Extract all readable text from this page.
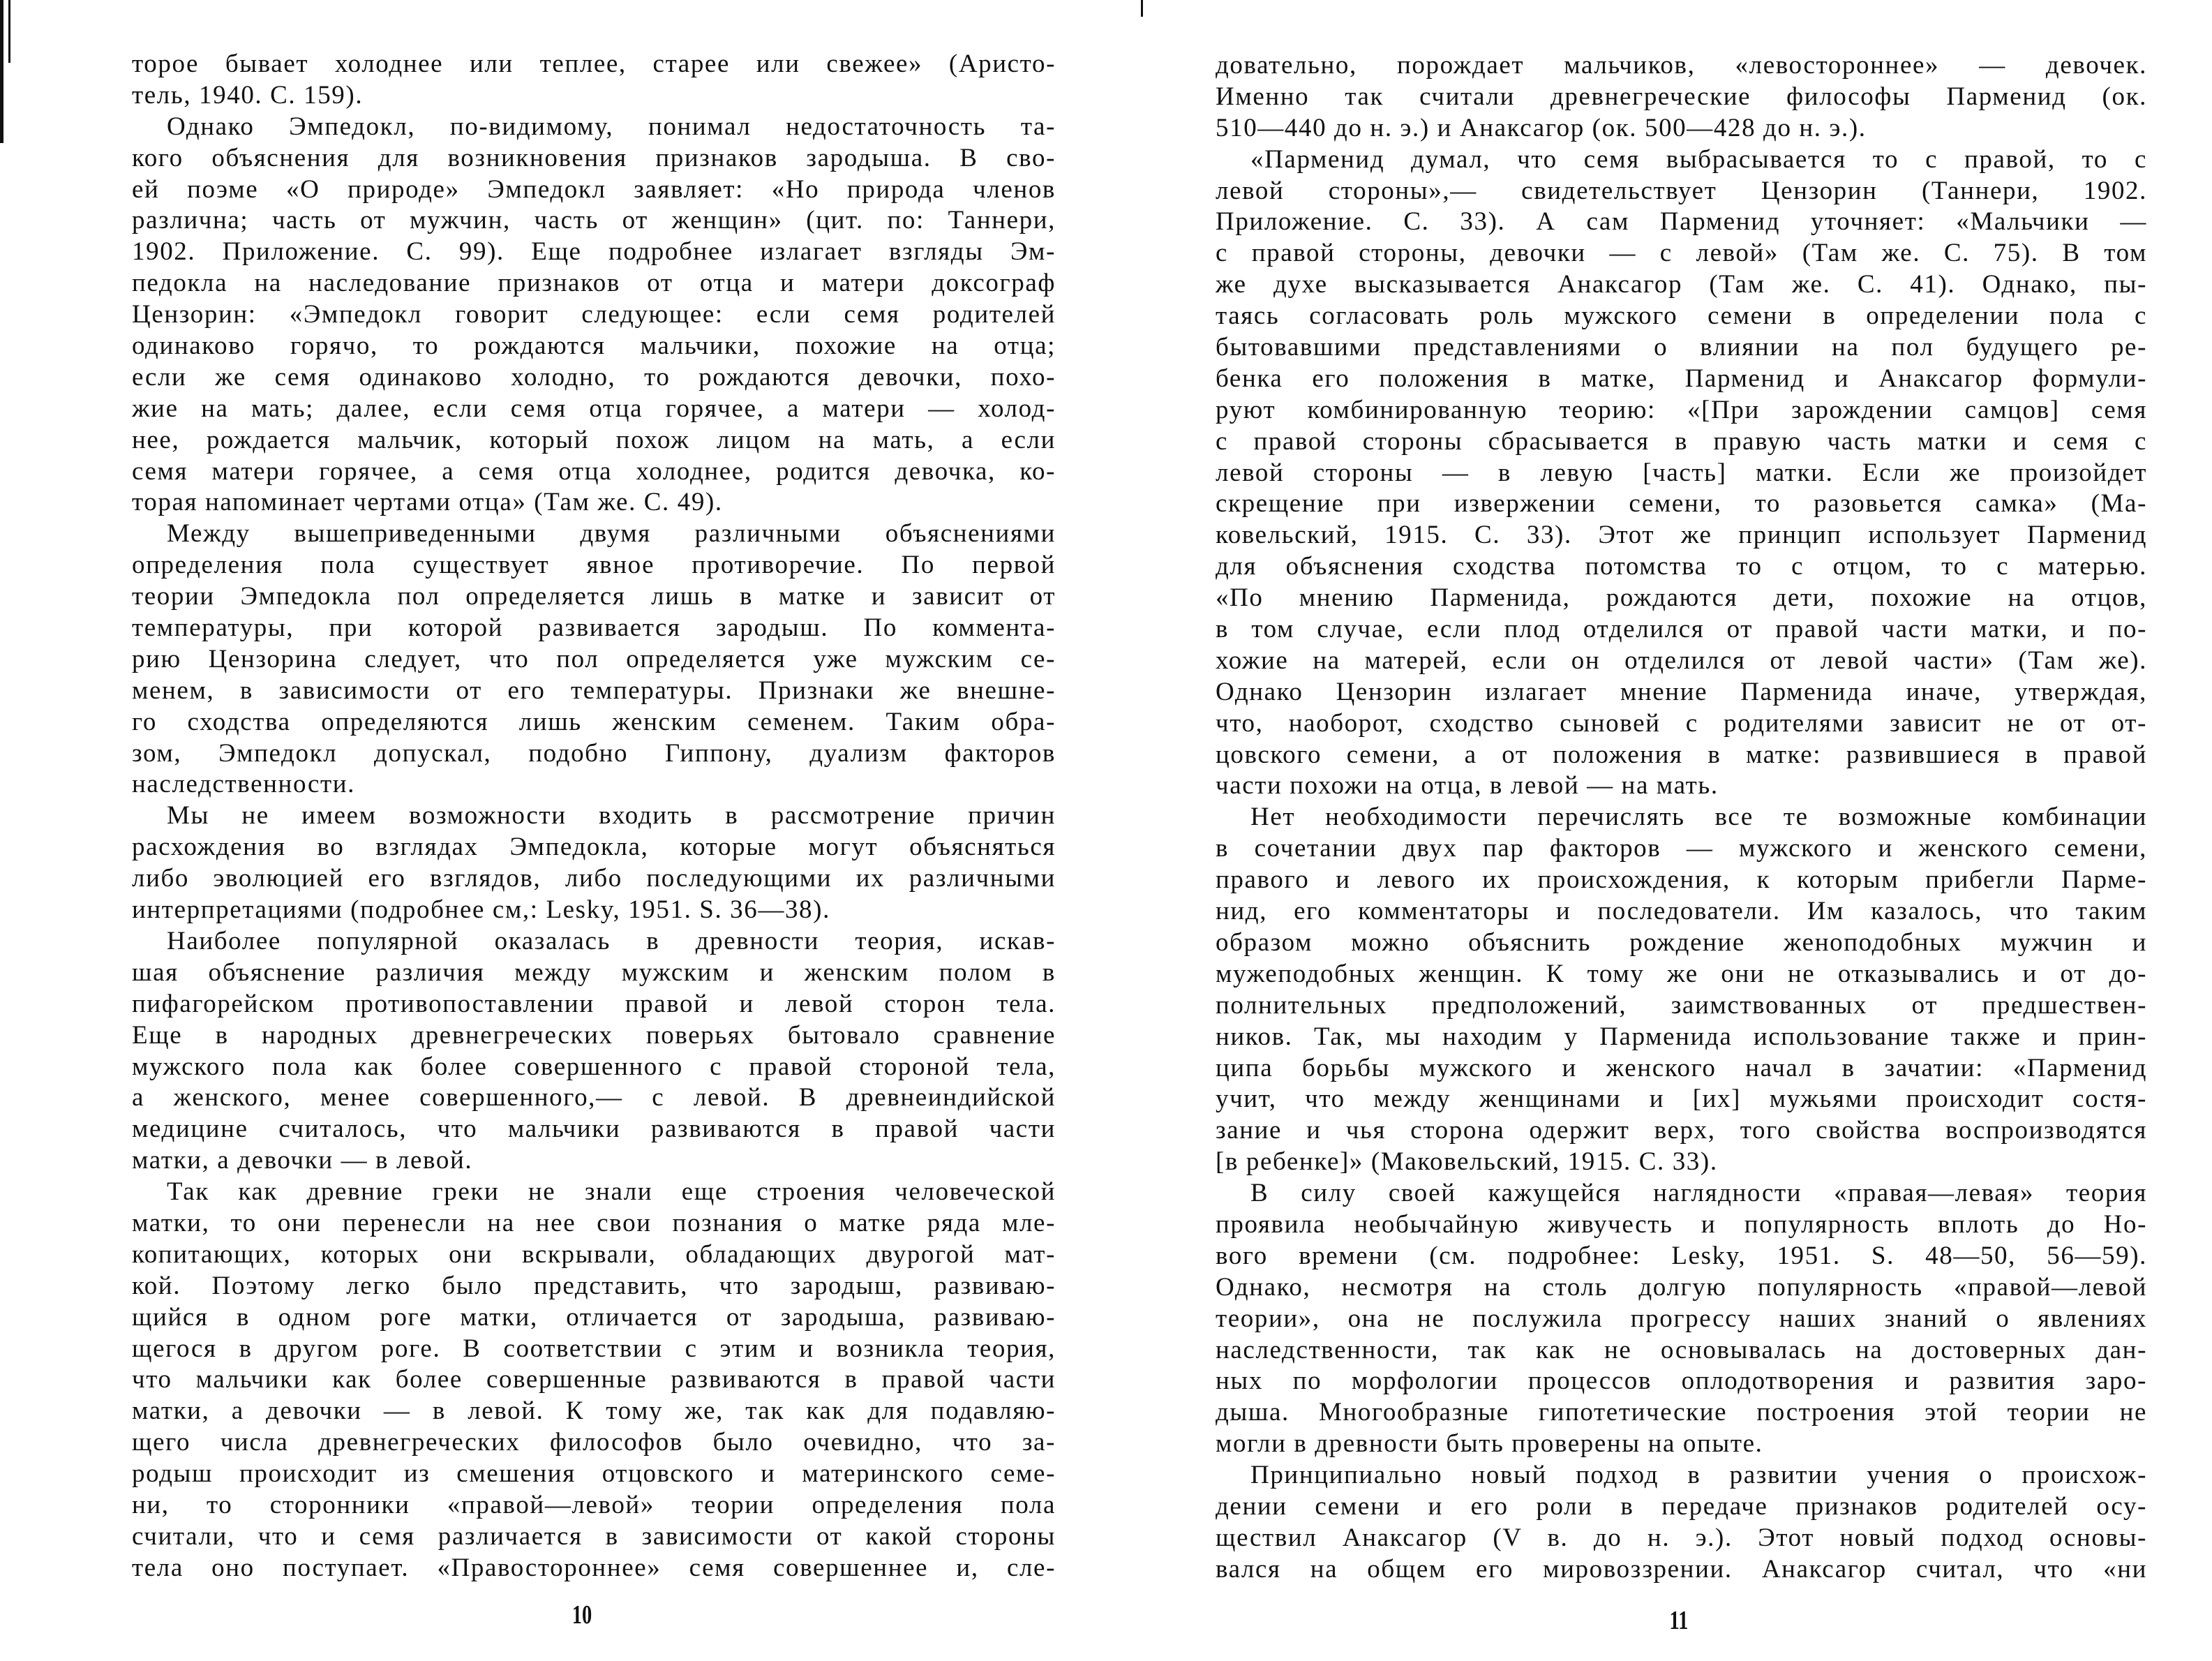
торое бывает холоднее или теплее, старее или свежее» (Аристо-
тель, 1940. С. 159).
Однако Эмпедокл, по-видимому, понимал недостаточность та-
кого объяснения для возникновения признаков зародыша. В сво-
ей поэме «О природе» Эмпедокл заявляет: «Но природа членов
различна; часть от мужчин, часть от женщин» (цит. по: Таннери,
1902. Приложение. С. 99). Еще подробнее излагает взгляды Эм-
педокла на наследование признаков от отца и матери доксограф
Цензорин: «Эмпедокл говорит следующее: если семя родителей
одинаково горячо, то рождаются мальчики, похожие на отца;
если же семя одинаково холодно, то рождаются девочки, похо-
жие на мать; далее, если семя отца горячее, а матери — холод-
нее, рождается мальчик, который похож лицом на мать, а если
семя матери горячее, а семя отца холоднее, родится девочка, ко-
торая напоминает чертами отца» (Там же. С. 49).
Между вышеприведенными двумя различными объяснениями
определения пола существует явное противоречие. По первой
теории Эмпедокла пол определяется лишь в матке и зависит от
температуры, при которой развивается зародыш. По коммента-
рию Цензорина следует, что пол определяется уже мужским се-
менем, в зависимости от его температуры. Признаки же внешне-
го сходства определяются лишь женским семенем. Таким обра-
зом, Эмпедокл допускал, подобно Гиппону, дуализм факторов
наследственности.
Мы не имеем возможности входить в рассмотрение причин
расхождения во взглядах Эмпедокла, которые могут объясняться
либо эволюцией его взглядов, либо последующими их различными
интерпретациями (подробнее см,: Lesky, 1951. S. 36—38).
Наиболее популярной оказалась в древности теория, искав-
шая объяснение различия между мужским и женским полом в
пифагорейском противопоставлении правой и левой сторон тела.
Еще в народных древнегреческих поверьях бытовало сравнение
мужского пола как более совершенного с правой стороной тела,
а женского, менее совершенного,— с левой. В древнеиндийской
медицине считалось, что мальчики развиваются в правой части
матки, а девочки — в левой.
Так как древние греки не знали еще строения человеческой
матки, то они перенесли на нее свои познания о матке ряда мле-
копитающих, которых они вскрывали, обладающих двурогой мат-
кой. Поэтому легко было представить, что зародыш, развиваю-
щийся в одном роге матки, отличается от зародыша, развиваю-
щегося в другом роге. В соответствии с этим и возникла теория,
что мальчики как более совершенные развиваются в правой части
матки, а девочки — в левой. К тому же, так как для подавляю-
щего числа древнегреческих философов было очевидно, что за-
родыш происходит из смешения отцовского и материнского семе-
ни, то сторонники «правой—левой» теории определения пола
считали, что и семя различается в зависимости от какой стороны
тела оно поступает. «Правостороннее» семя совершеннее и, сле-
довательно, порождает мальчиков, «левостороннее» — девочек.
Именно так считали древнегреческие философы Парменид (ок.
510—440 до н. э.) и Анаксагор (ок. 500—428 до н. э.).
«Парменид думал, что семя выбрасывается то с правой, то с
левой стороны»,— свидетельствует Цензорин (Таннери, 1902.
Приложение. С. 33). А сам Парменид уточняет: «Мальчики —
с правой стороны, девочки — с левой» (Там же. С. 75). В том
же духе высказывается Анаксагор (Там же. С. 41). Однако, пы-
таясь согласовать роль мужского семени в определении пола с
бытовавшими представлениями о влиянии на пол будущего ре-
бенка его положения в матке, Парменид и Анаксагор формули-
руют комбинированную теорию: «[При зарождении самцов] семя
с правой стороны сбрасывается в правую часть матки и семя с
левой стороны — в левую [часть] матки. Если же произойдет
скрещение при извержении семени, то разовьется самка» (Ма-
ковельский, 1915. С. 33). Этот же принцип использует Парменид
для объяснения сходства потомства то с отцом, то с матерью.
«По мнению Парменида, рождаются дети, похожие на отцов,
в том случае, если плод отделился от правой части матки, и по-
хожие на матерей, если он отделился от левой части» (Там же).
Однако Цензорин излагает мнение Парменида иначе, утверждая,
что, наоборот, сходство сыновей с родителями зависит не от от-
цовского семени, а от положения в матке: развившиеся в правой
части похожи на отца, в левой — на мать.
Нет необходимости перечислять все те возможные комбинации
в сочетании двух пар факторов — мужского и женского семени,
правого и левого их происхождения, к которым прибегли Парме-
нид, его комментаторы и последователи. Им казалось, что таким
образом можно объяснить рождение женоподобных мужчин и
мужеподобных женщин. К тому же они не отказывались и от до-
полнительных предположений, заимствованных от предшествен-
ников. Так, мы находим у Парменида использование также и прин-
ципа борьбы мужского и женского начал в зачатии: «Парменид
учит, что между женщинами и [их] мужьями происходит состя-
зание и чья сторона одержит верх, того свойства воспроизводятся
[в ребенке]» (Маковельский, 1915. С. 33).
В силу своей кажущейся наглядности «правая—левая» теория
проявила необычайную живучесть и популярность вплоть до Но-
вого времени (см. подробнее: Lesky, 1951. S. 48—50, 56—59).
Однако, несмотря на столь долгую популярность «правой—левой
теории», она не послужила прогрессу наших знаний о явлениях
наследственности, так как не основывалась на достоверных дан-
ных по морфологии процессов оплодотворения и развития заро-
дыша. Многообразные гипотетические построения этой теории не
могли в древности быть проверены на опыте.
Принципиально новый подход в развитии учения о происхож-
дении семени и его роли в передаче признаков родителей осу-
ществил Анаксагор (V в. до н. э.). Этот новый подход основы-
вался на общем его мировоззрении. Анаксагор считал, что «ни
10	11
